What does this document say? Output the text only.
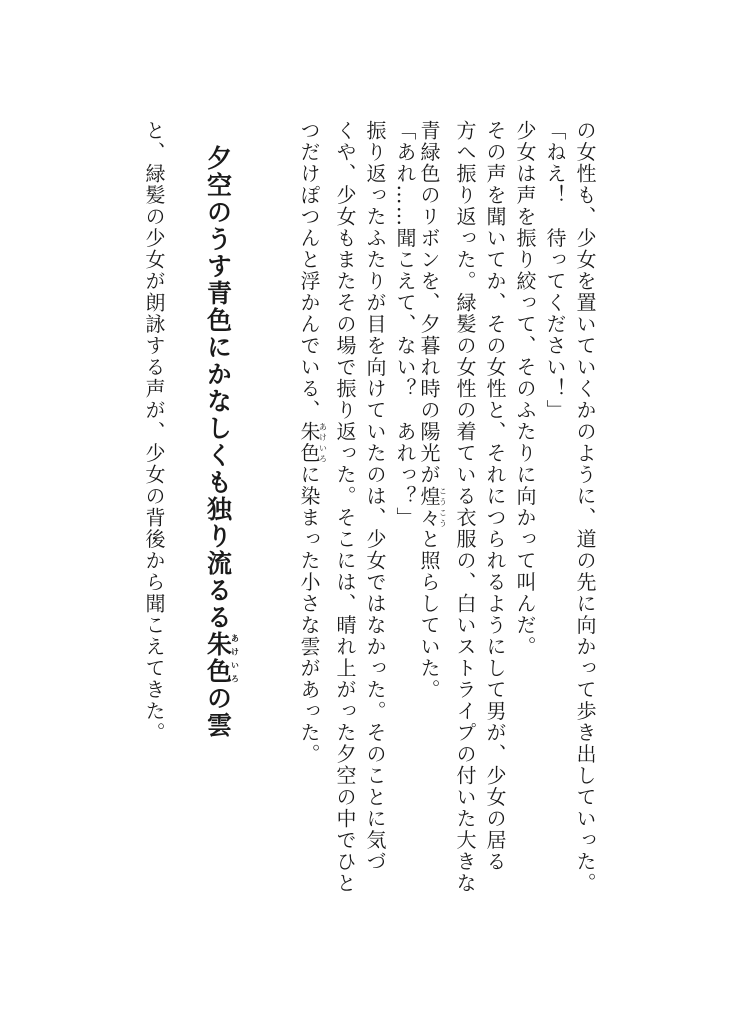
の女性も、少女を置いていくかのように、道の先に向かって歩き出していった。
「ねえ！　待ってください！」
少女は声を振り絞って、そのふたりに向かって叫んだ。
その声を聞いてか、その女性と、それにつられるようにして男が、少女の居る
方へ振り返った。緑髪の女性の着ている衣服の、白いストライプの付いた大きな
青緑色のリボンを、夕暮れ時の陽光が煌々こうこうと照らしていた。
「あれ……聞こえて、ない？　あれっ？」
振り返ったふたりが目を向けていたのは、少女ではなかった。そのことに気づ
くや、少女もまたその場で振り返った。そこには、晴れ上がった夕空の中でひと
つだけぽつんと浮かんでいる、朱色あけいろに染まった小さな雲があった。
夕空のうす青色にかなしくも独り流るる朱色あけいろの雲
と、緑髪の少女が朗詠する声が、少女の背後から聞こえてきた。
